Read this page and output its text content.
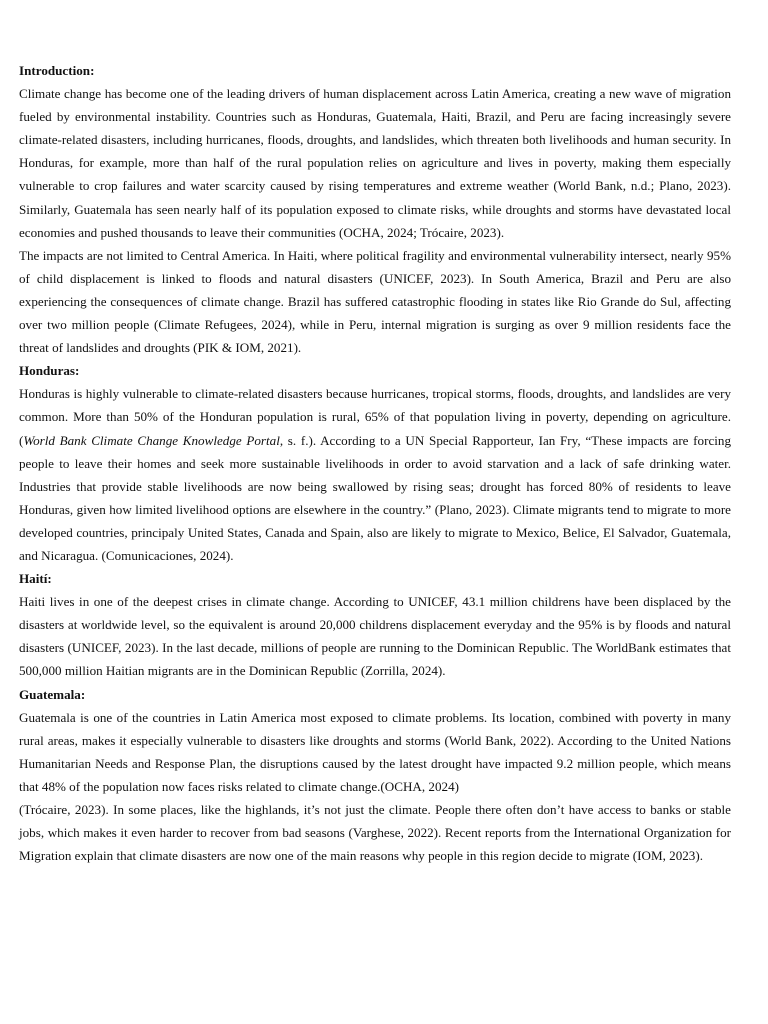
Introduction:

Climate change has become one of the leading drivers of human displacement across Latin America, creating a new wave of migration fueled by environmental instability. Countries such as Honduras, Guatemala, Haiti, Brazil, and Peru are facing increasingly severe climate-related disasters, including hurricanes, floods, droughts, and landslides, which threaten both livelihoods and human security. In Honduras, for example, more than half of the rural population relies on agriculture and lives in poverty, making them especially vulnerable to crop failures and water scarcity caused by rising temperatures and extreme weather (World Bank, n.d.; Plano, 2023). Similarly, Guatemala has seen nearly half of its population exposed to climate risks, while droughts and storms have devastated local economies and pushed thousands to leave their communities (OCHA, 2024; Trócaire, 2023).

The impacts are not limited to Central America. In Haiti, where political fragility and environmental vulnerability intersect, nearly 95% of child displacement is linked to floods and natural disasters (UNICEF, 2023). In South America, Brazil and Peru are also experiencing the consequences of climate change. Brazil has suffered catastrophic flooding in states like Rio Grande do Sul, affecting over two million people (Climate Refugees, 2024), while in Peru, internal migration is surging as over 9 million residents face the threat of landslides and droughts (PIK & IOM, 2021).

Honduras:

Honduras is highly vulnerable to climate-related disasters because hurricanes, tropical storms, floods, droughts, and landslides are very common. More than 50% of the Honduran population is rural, 65% of that population living in poverty, depending on agriculture. (World Bank Climate Change Knowledge Portal, s. f.). According to a UN Special Rapporteur, Ian Fry, “These impacts are forcing people to leave their homes and seek more sustainable livelihoods in order to avoid starvation and a lack of safe drinking water. Industries that provide stable livelihoods are now being swallowed by rising seas; drought has forced 80% of residents to leave Honduras, given how limited livelihood options are elsewhere in the country.” (Plano, 2023). Climate migrants tend to migrate to more developed countries, principaly United States, Canada and Spain, also are likely to migrate to Mexico, Belice, El Salvador, Guatemala, and Nicaragua. (Comunicaciones, 2024).

Haití:

Haiti lives in one of the deepest crises in climate change. According to UNICEF, 43.1 million childrens have been displaced by the disasters at worldwide level, so the equivalent is around 20,000 childrens displacement everyday and the 95% is by floods and natural disasters (UNICEF, 2023). In the last decade, millions of people are running to the Dominican Republic. The WorldBank estimates that 500,000 million Haitian migrants are in the Dominican Republic (Zorrilla, 2024).

Guatemala:

Guatemala is one of the countries in Latin America most exposed to climate problems. Its location, combined with poverty in many rural areas, makes it especially vulnerable to disasters like droughts and storms (World Bank, 2022). According to the United Nations Humanitarian Needs and Response Plan, the disruptions caused by the latest drought have impacted 9.2 million people, which means that 48% of the population now faces risks related to climate change.(OCHA, 2024)

(Trócaire, 2023). In some places, like the highlands, it’s not just the climate. People there often don’t have access to banks or stable jobs, which makes it even harder to recover from bad seasons (Varghese, 2022). Recent reports from the International Organization for Migration explain that climate disasters are now one of the main reasons why people in this region decide to migrate (IOM, 2023).
